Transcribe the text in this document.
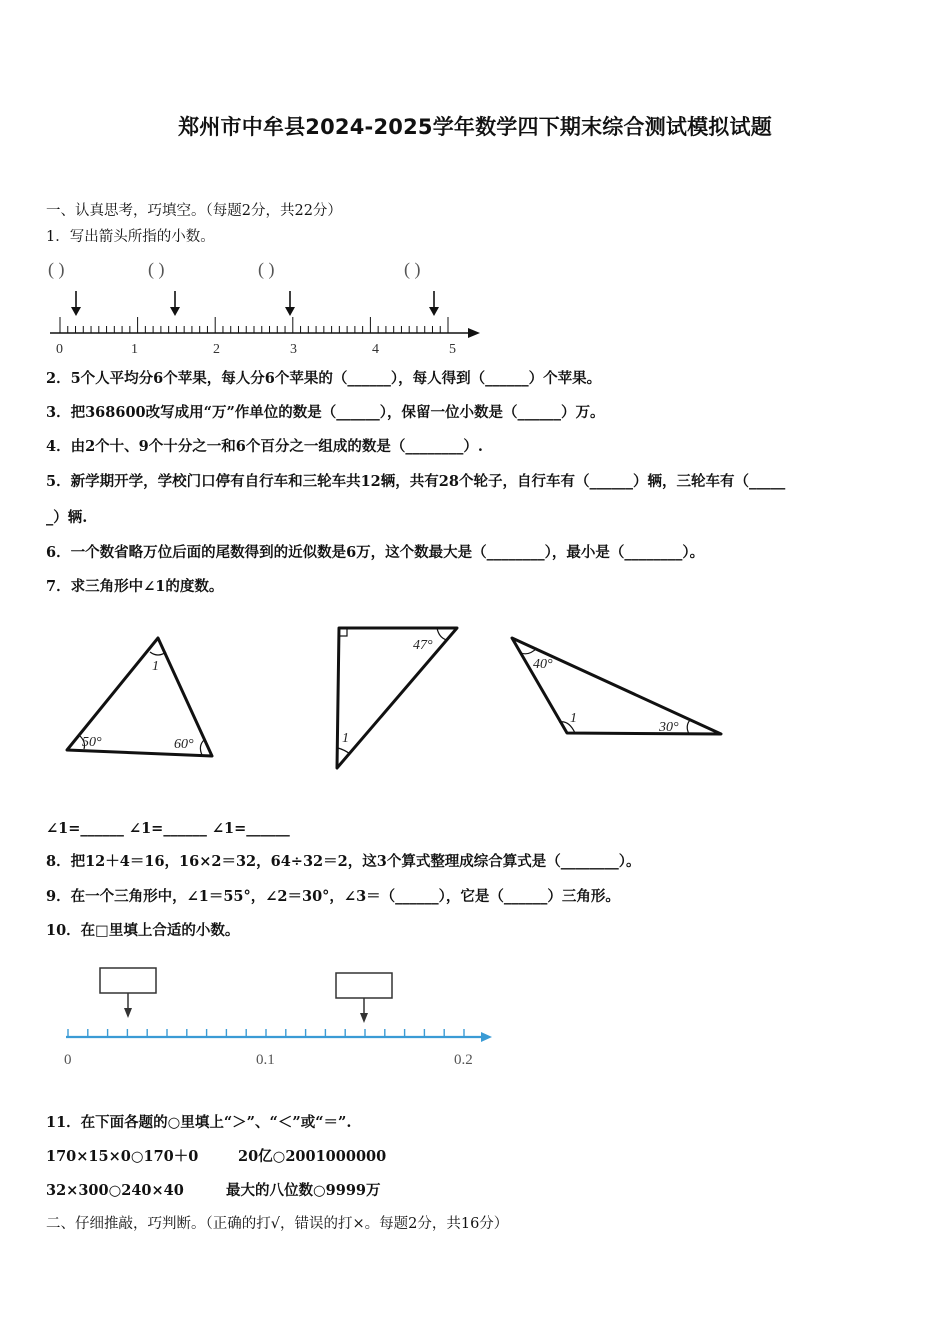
郑州市中牟县2024-2025学年数学四下期末综合测试模拟试题
一、认真思考，巧填空。（每题2分，共22分）
1．写出箭头所指的小数。
( )	( )	( )	( )
0	1	2	3	4	5
2．5个人平均分6个苹果，每人分6个苹果的（______），每人得到（______）个苹果。
3．把368600改写成用“万”作单位的数是（______），保留一位小数是（______）万。
4．由2个十、9个十分之一和6个百分之一组成的数是（________）.
5．新学期开学，学校门口停有自行车和三轮车共12辆，共有28个轮子，自行车有（______）辆，三轮车有（_____
_）辆.
6．一个数省略万位后面的尾数得到的近似数是6万，这个数最大是（________），最小是（________）。
7．求三角形中∠1的度数。
1
50°	60°
47°
1
40°
1
30°
∠1=______ ∠1=______ ∠1=______
8．把12＋4＝16，16×2＝32，64÷32＝2，这3个算式整理成综合算式是（________）。
9．在一个三角形中，∠1＝55°，∠2＝30°，∠3＝（______），它是（______）三角形。
10．在□里填上合适的小数。
0	0.1	0.2
11．在下面各题的○里填上“＞”、“＜”或“＝”.
170×15×0○170＋0	20亿○2001000000
32×300○240×40	最大的八位数○9999万
二、仔细推敲，巧判断。（正确的打√，错误的打×。每题2分，共16分）
